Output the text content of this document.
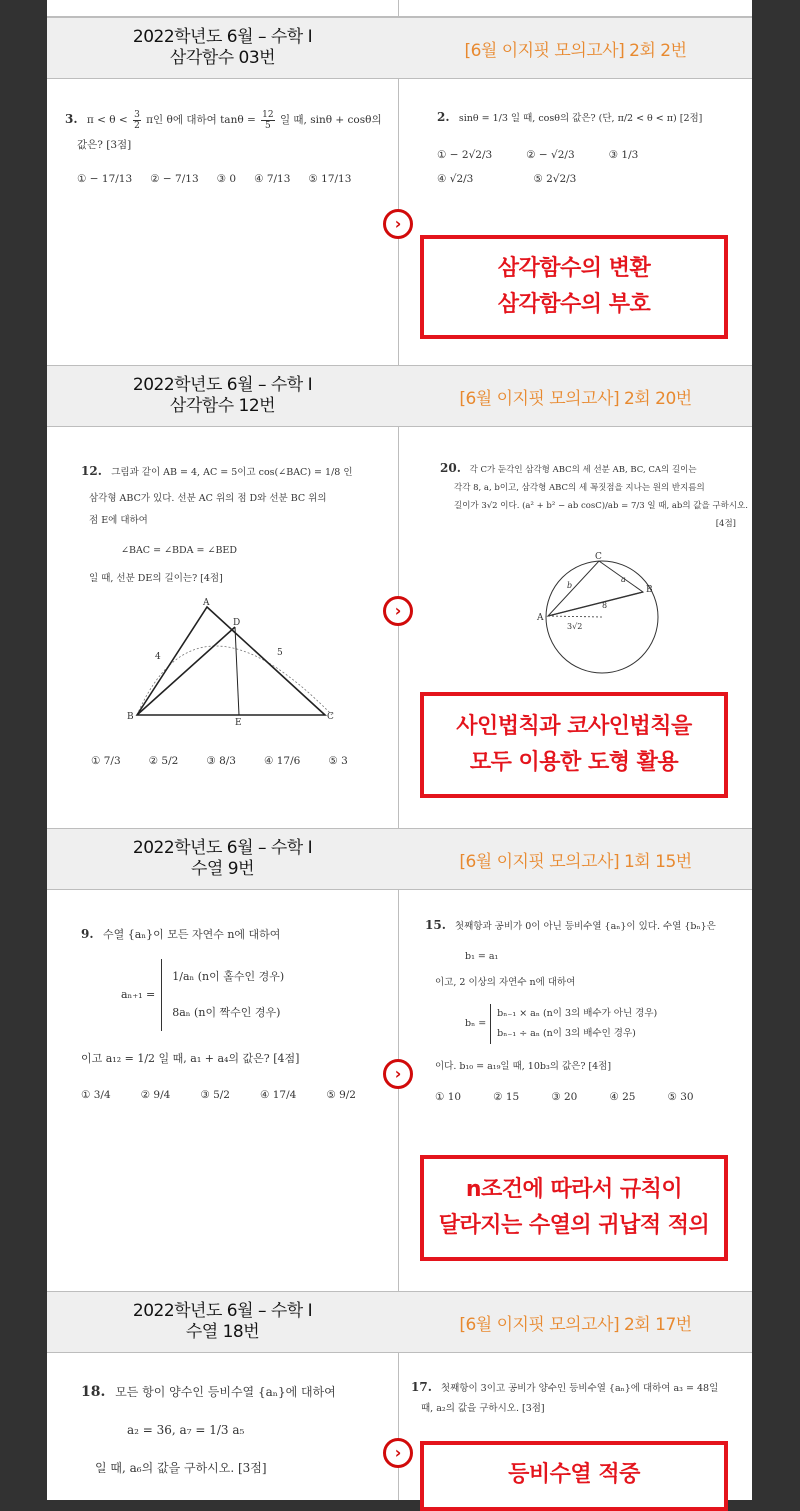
2022학년도 6월 – 수학 I
삼각함수 03번	[6월 이지핏 모의고사] 2회 2번
3. $\pi < \theta < \frac{3}{2}$ π인 θ에 대하여 $\tan\theta = \frac{12}{5}$ 일 때, sinθ + cosθ의
값은? [3점]
① − 17/13 ② − 7/13 ③ 0 ④ 7/13 ⑤ 17/13
2. sinθ = 1/3 일 때, cosθ의 값은? (단, π/2 < θ < π) [2점]
① − 2√2/3	② − √2/3	③ 1/3
④ √2/3	⑤ 2√2/3
›
삼각함수의 변환
삼각함수의 부호
2022학년도 6월 – 수학 I
삼각함수 12번	[6월 이지핏 모의고사] 2회 20번
12. 그림과 같이 AB = 4, AC = 5이고 cos(∠BAC) = 1/8 인
삼각형 ABC가 있다. 선분 AC 위의 점 D와 선분 BC 위의
점 E에 대하여
∠BAC = ∠BDA = ∠BED
일 때, 선분 DE의 길이는? [4점]
A
B	C
D
E
4	5
① 7/3	② 5/2	③ 8/3	④ 17/6	⑤ 3
20. 각 C가 둔각인 삼각형 ABC의 세 선분 AB, BC, CA의 길이는
각각 8, a, b이고, 삼각형 ABC의 세 꼭짓점을 지나는 원의 반지름의
길이가 3√2 이다. (a² + b² − ab cosC)/ab = 7/3 일 때, ab의 값을 구하시오.
[4점]
A
B
C
a
b
8
3√2
›
사인법칙과 코사인법칙을
모두 이용한 도형 활용
2022학년도 6월 – 수학 I
수열 9번	[6월 이지핏 모의고사] 1회 15번
9. 수열 {aₙ}이 모든 자연수 n에 대하여
aₙ₊₁ =
1/aₙ (n이 홀수인 경우)
8aₙ (n이 짝수인 경우)
이고 a₁₂ = 1/2 일 때, a₁ + a₄의 값은? [4점]
① 3/4	② 9/4	③ 5/2	④ 17/4	⑤ 9/2
15. 첫째항과 공비가 0이 아닌 등비수열 {aₙ}이 있다. 수열 {bₙ}은
b₁ = a₁
이고, 2 이상의 자연수 n에 대하여
bₙ =
bₙ₋₁ × aₙ (n이 3의 배수가 아닌 경우)
bₙ₋₁ ÷ aₙ (n이 3의 배수인 경우)
이다. b₁₀ = a₁₉일 때, 10b₃의 값은? [4점]
① 10	② 15	③ 20	④ 25	⑤ 30
›
n조건에 따라서 규칙이
달라지는 수열의 귀납적 적의
2022학년도 6월 – 수학 I
수열 18번	[6월 이지핏 모의고사] 2회 17번
18. 모든 항이 양수인 등비수열 {aₙ}에 대하여
a₂ = 36, a₇ = 1/3 a₅
일 때, a₆의 값을 구하시오. [3점]
17. 첫째항이 3이고 공비가 양수인 등비수열 {aₙ}에 대하여 a₃ = 48일
때, a₂의 값을 구하시오. [3점]
›
등비수열 적중
